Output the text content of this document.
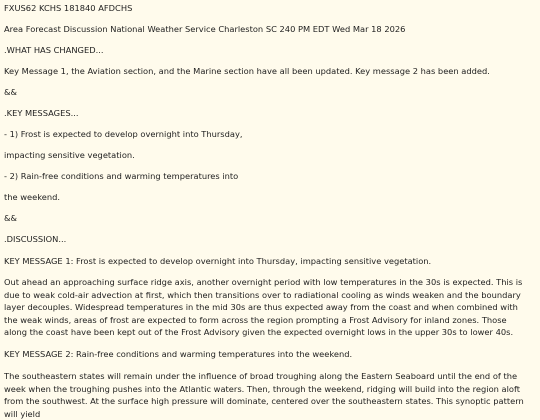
FXUS62 KCHS 181840 AFDCHS

Area Forecast Discussion National Weather Service Charleston SC 240 PM EDT Wed Mar 18 2026

.WHAT HAS CHANGED...

Key Message 1, the Aviation section, and the Marine section have all been updated. Key message 2 has been added.

&&

.KEY MESSAGES...

- 1) Frost is expected to develop overnight into Thursday,

impacting sensitive vegetation.

- 2) Rain-free conditions and warming temperatures into

the weekend.

&&

.DISCUSSION...

KEY MESSAGE 1: Frost is expected to develop overnight into Thursday, impacting sensitive vegetation.

Out ahead an approaching surface ridge axis, another overnight period with low temperatures in the 30s is expected. This is due to weak cold-air advection at first, which then transitions over to radiational cooling as winds weaken and the boundary layer decouples. Widespread temperatures in the mid 30s are thus expected away from the coast and when combined with the weak winds, areas of frost are expected to form across the region prompting a Frost Advisory for inland zones. Those along the coast have been kept out of the Frost Advisory given the expected overnight lows in the upper 30s to lower 40s.

KEY MESSAGE 2: Rain-free conditions and warming temperatures into the weekend.

The southeastern states will remain under the influence of broad troughing along the Eastern Seaboard until the end of the week when the troughing pushes into the Atlantic waters. Then, through the weekend, ridging will build into the region aloft from the southwest. At the surface high pressure will dominate, centered over the southeastern states. This synoptic pattern will yield
